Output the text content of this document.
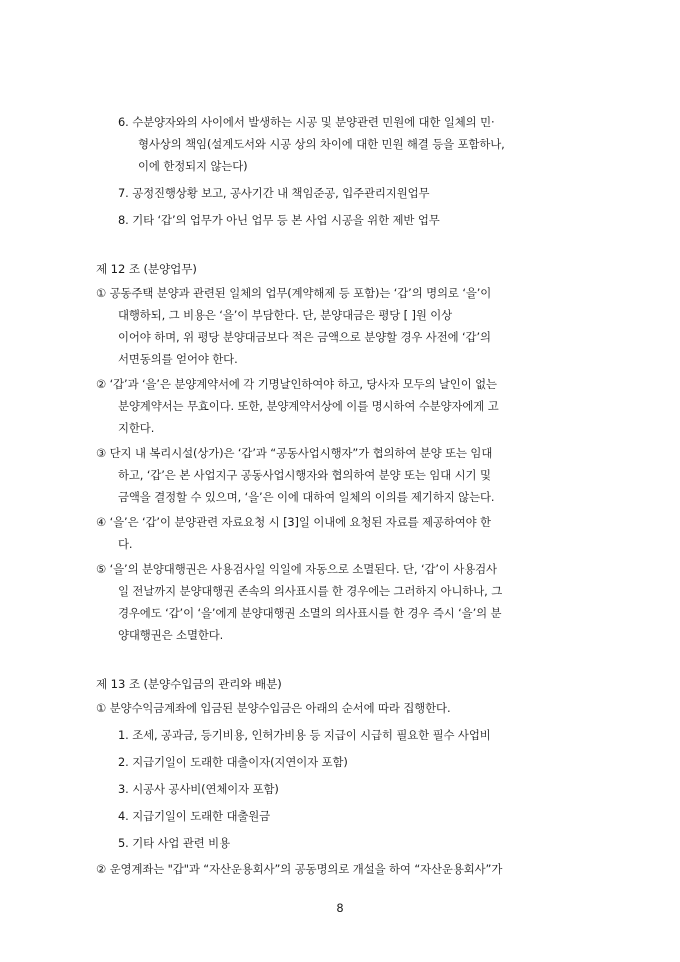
6. 수분양자와의 사이에서 발생하는 시공 및 분양관련 민원에 대한 일체의 민·
형사상의 책임(설계도서와 시공 상의 차이에 대한 민원 해결 등을 포함하나,
이에 한정되지 않는다)
7. 공정진행상황 보고, 공사기간 내 책임준공, 입주관리지원업무
8. 기타 ‘갑’의 업무가 아닌 업무 등 본 사업 시공을 위한 제반 업무
제 12 조 (분양업무)
① 공동주택 분양과 관련된 일체의 업무(계약해제 등 포함)는 ‘갑’의 명의로 ‘을’이
대행하되, 그 비용은 ‘을’이 부담한다. 단, 분양대금은 평당 [ ]원 이상
이어야 하며, 위 평당 분양대금보다 적은 금액으로 분양할 경우 사전에 ‘갑’의
서면동의를 얻어야 한다.
② ‘갑’과 ‘을’은 분양계약서에 각 기명날인하여야 하고, 당사자 모두의 날인이 없는
분양계약서는 무효이다. 또한, 분양계약서상에 이를 명시하여 수분양자에게 고
지한다.
③ 단지 내 복리시설(상가)은 ‘갑’과 “공동사업시행자”가 협의하여 분양 또는 임대
하고, ‘갑’은 본 사업지구 공동사업시행자와 협의하여 분양 또는 임대 시기 및
금액을 결정할 수 있으며, ‘을’은 이에 대하여 일체의 이의를 제기하지 않는다.
④ ‘을’은 ‘갑’이 분양관련 자료요청 시 [3]일 이내에 요청된 자료를 제공하여야 한
다.
⑤ ‘을’의 분양대행권은 사용검사일 익일에 자동으로 소멸된다. 단, ‘갑’이 사용검사
일 전날까지 분양대행권 존속의 의사표시를 한 경우에는 그러하지 아니하나, 그
경우에도 ‘갑’이 ‘을’에게 분양대행권 소멸의 의사표시를 한 경우 즉시 ‘을’의 분
양대행권은 소멸한다.
제 13 조 (분양수입금의 관리와 배분)
① 분양수익금계좌에 입금된 분양수입금은 아래의 순서에 따라 집행한다.
1. 조세, 공과금, 등기비용, 인허가비용 등 지급이 시급히 필요한 필수 사업비
2. 지급기일이 도래한 대출이자(지연이자 포함)
3. 시공사 공사비(연체이자 포함)
4. 지급기일이 도래한 대출원금
5. 기타 사업 관련 비용
② 운영계좌는 "갑"과 “자산운용회사”의 공동명의로 개설을 하여 “자산운용회사”가
8
